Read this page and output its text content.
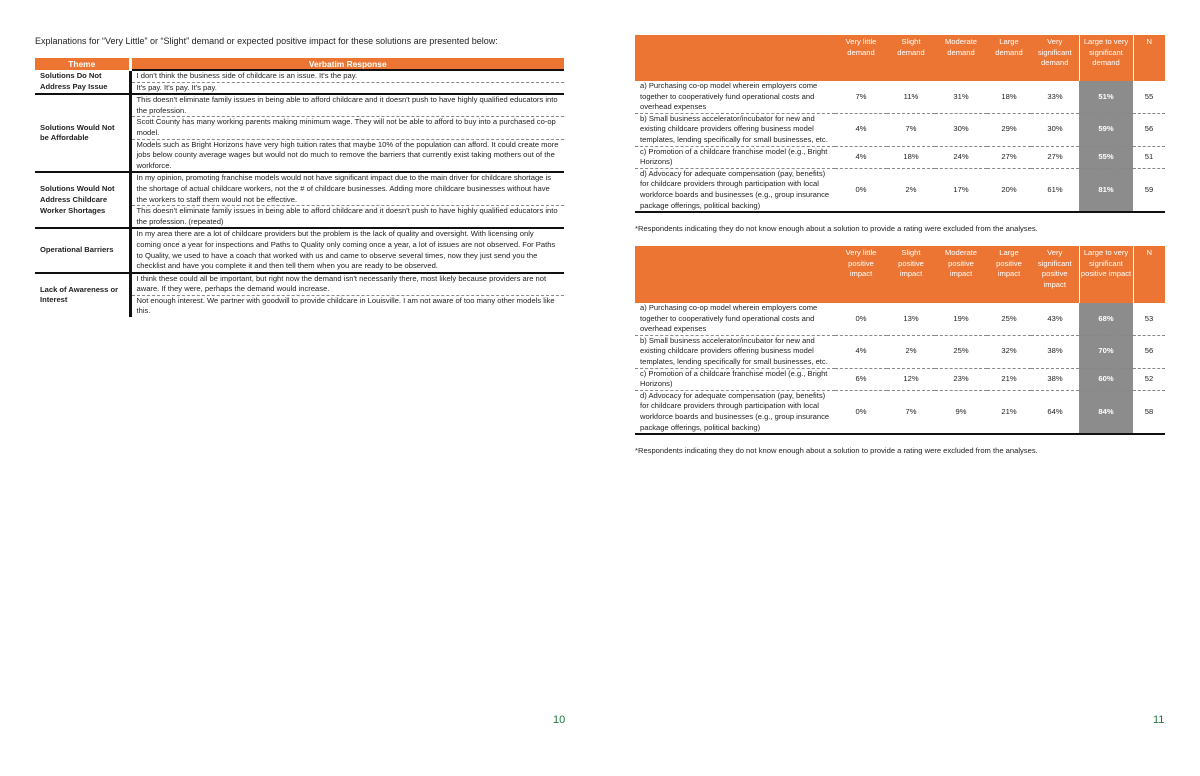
Explanations for “Very Little” or “Slight” demand or expected positive impact for these solutions are presented below:
Theme	Verbatim Response
Solutions Do Not Address Pay Issue	I don't think the business side of childcare is an issue. It's the pay.
	It's pay. It's pay. It's pay.
Solutions Would Not be Affordable	This doesn't eliminate family issues in being able to afford childcare and it doesn't push to have highly qualified educators into the profession.
	Scott County has many working parents making minimum wage. They will not be able to afford to buy into a purchased co-op model.
	Models such as Bright Horizons have very high tuition rates that maybe 10% of the population can afford. It could create more jobs below county average wages but would not do much to remove the barriers that currently exist taking mothers out of the workforce.
Solutions Would Not Address Childcare Worker Shortages	In my opinion, promoting franchise models would not have significant impact due to the main driver for childcare shortage is the shortage of actual childcare workers, not the # of childcare businesses. Adding more childcare businesses without have the workers to staff them would not be effective.
	This doesn't eliminate family issues in being able to afford childcare and it doesn't push to have highly qualified educators into the profession. (repeated)
Operational Barriers	In my area there are a lot of childcare providers but the problem is the lack of quality and oversight. With licensing only coming once a year for inspections and Paths to Quality only coming once a year, a lot of issues are not observed. For Paths to Quality, we used to have a coach that worked with us and came to observe several times, now they just send you the checklist and have you complete it and then tell them when you are ready to be observed.
Lack of Awareness or Interest	I think these could all be important, but right now the demand isn't necessarily there, most likely because providers are not aware. If they were, perhaps the demand would increase.
	Not enough interest. We partner with goodwill to provide childcare in Louisville. I am not aware of too many other models like this.
10
	Very little demand	Slight demand	Moderate demand	Large demand	Very significant demand	Large to very significant demand	N
a) Purchasing co-op model wherein employers come together to cooperatively fund operational costs and overhead expenses	7%	11%	31%	18%	33%	51%	55
b) Small business accelerator/incubator for new and existing childcare providers offering business model templates, lending specifically for small businesses, etc.	4%	7%	30%	29%	30%	59%	56
c) Promotion of a childcare franchise model (e.g., Bright Horizons)	4%	18%	24%	27%	27%	55%	51
d) Advocacy for adequate compensation (pay, benefits) for childcare providers through participation with local workforce boards and businesses (e.g., group insurance package offerings, political backing)	0%	2%	17%	20%	61%	81%	59
*Respondents indicating they do not know enough about a solution to provide a rating were excluded from the analyses.
	Very little positive impact	Slight positive impact	Moderate positive impact	Large positive impact	Very significant positive impact	Large to very significant positive impact	N
a) Purchasing co-op model wherein employers come together to cooperatively fund operational costs and overhead expenses	0%	13%	19%	25%	43%	68%	53
b) Small business accelerator/incubator for new and existing childcare providers offering business model templates, lending specifically for small businesses, etc.	4%	2%	25%	32%	38%	70%	56
c) Promotion of a childcare franchise model (e.g., Bright Horizons)	6%	12%	23%	21%	38%	60%	52
d) Advocacy for adequate compensation (pay, benefits) for childcare providers through participation with local workforce boards and businesses (e.g., group insurance package offerings, political backing)	0%	7%	9%	21%	64%	84%	58
*Respondents indicating they do not know enough about a solution to provide a rating were excluded from the analyses.
11
